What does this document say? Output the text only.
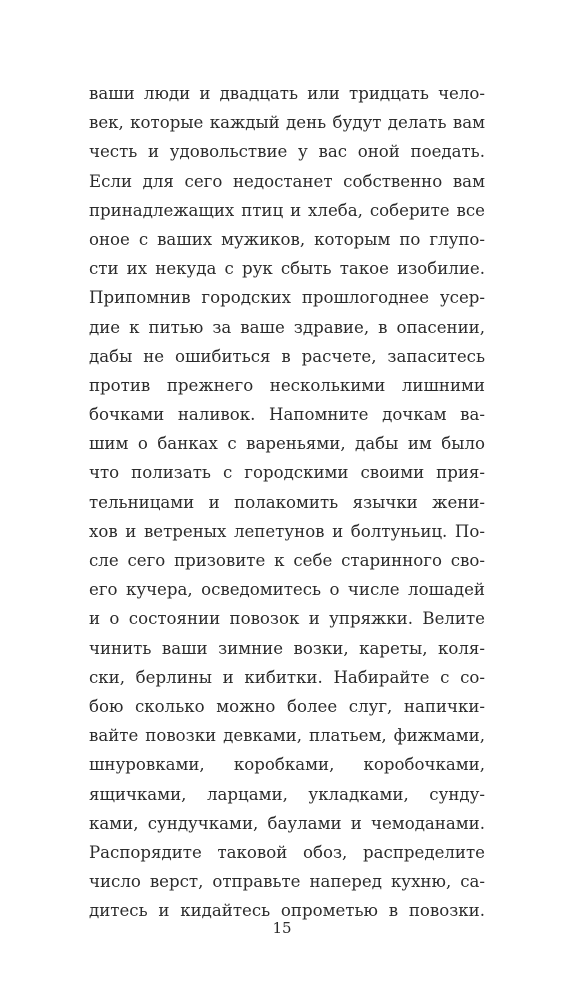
ваши люди и двадцать или тридцать чело-
век, которые каждый день будут делать вам
честь и удовольствие у вас оной поедать.
Если для сего недостанет собственно вам
принадлежащих птиц и хлеба, соберите все
оное с ваших мужиков, которым по глупо-
сти их некуда с рук сбыть такое изобилие.
Припомнив городских прошлогоднее усер-
дие к питью за ваше здравие, в опасении,
дабы не ошибиться в расчете, запаситесь
против прежнего несколькими лишними
бочками наливок. Напомните дочкам ва-
шим о банках с вареньями, дабы им было
что полизать с городскими своими прия-
тельницами и полакомить язычки жени-
хов и ветреных лепетунов и болтуньиц. По-
сле сего призовите к себе старинного сво-
его кучера, осведомитесь о числе лошадей
и о состоянии повозок и упряжки. Велите
чинить ваши зимние возки, кареты, коля-
ски, берлины и кибитки. Набирайте с со-
бою сколько можно более слуг, напички-
вайте повозки девками, платьем, фижмами,
шнуровками, коробками, коробочками,
ящичками, ларцами, укладками, сунду-
ками, сундучками, баулами и чемоданами.
Распорядите таковой обоз, распределите
число верст, отправьте наперед кухню, са-
дитесь и кидайтесь опрометью в повозки.
15
